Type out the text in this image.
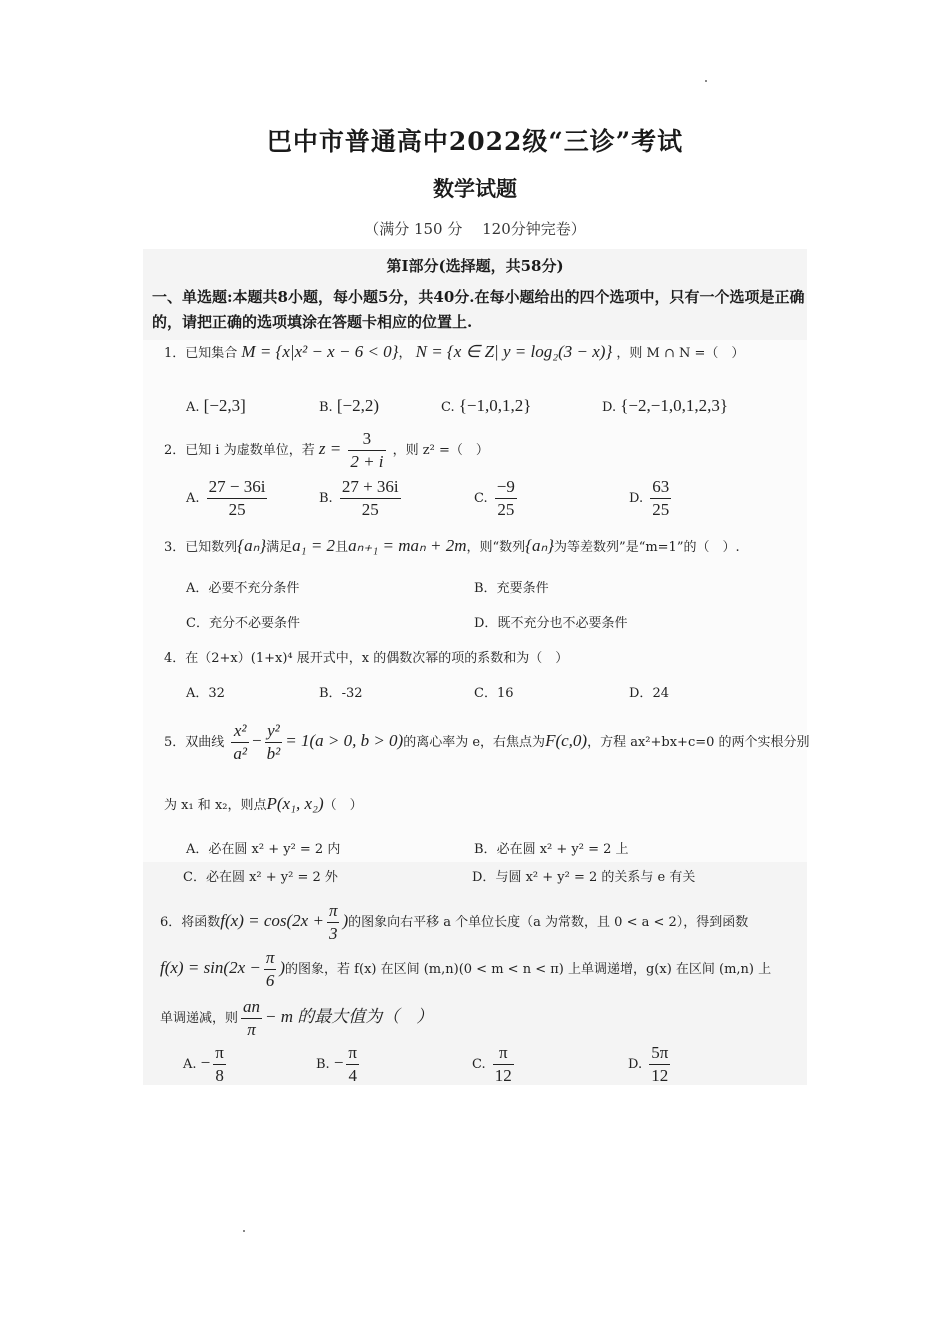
巴中市普通高中2022级“三诊”考试
数学试题
（满分 150 分　 120分钟完卷）
第Ⅰ部分(选择题，共58分)
一、单选题:本题共8小题，每小题5分，共40分.在每小题给出的四个选项中，只有一个选项是正确的，请把正确的选项填涂在答题卡相应的位置上.
1．已知集合 M = {x|x² − x − 6 < 0}， N = {x ∈ Z| y = log₂(3 − x)} ，则 M ∩ N =（　）
A. [−2,3]	B. [−2,2)	C. {−1,0,1,2}	D. {−2,−1,0,1,2,3}
2．已知 i 为虚数单位，若 $z = \frac{3}{2 + i}$ ，则 z² =（　）
A. $\frac{27 - 36i}{25}$	B. $\frac{27 + 36i}{25}$	C. $\frac{-9}{25}$	D. $\frac{63}{25}$
3．已知数列{aₙ}满足a₁ = 2且aₙ₊₁ = maₙ + 2m，则“数列{aₙ}为等差数列”是“m=1”的（　）.
A．必要不充分条件	B．充要条件
C．充分不必要条件	D．既不充分也不必要条件
4．在（2+x）(1+x)⁴ 展开式中，x 的偶数次幂的项的系数和为（　）
A．32	B．-32	C．16	D．24
5．双曲线 $\frac{\text{x²}}{\text{a²}} - \frac{\text{y²}}{\text{b²}} = 1(a > 0$, b > 0)的离心率为 e，右焦点为F(c,0)，方程 ax²+bx+c=0 的两个实根分别
为 x₁ 和 x₂，则点P(x₁, x₂)（　）
A．必在圆 x² + y² = 2 内	B．必在圆 x² + y² = 2 上
C．必在圆 x² + y² = 2 外	D．与圆 x² + y² = 2 的关系与 e 有关
6．将函数$f(x) = \cos(2x + \frac{\pi}{3}$ )的图象向右平移 a 个单位长度（a 为常数，且 0 < a < 2），得到函数
$f(x) = \sin(2x - \frac{\pi}{6}$ )的图象，若 f(x) 在区间 (m,n)(0 < m < n < π) 上单调递增，g(x) 在区间 (m,n) 上
单调递减，则 $\frac{an}{\pi} - m$ 的最大值为（　）
A. − $\frac{\pi}{8}$	B. − $\frac{\pi}{4}$	C. $\frac{\pi}{12}$	D. $\frac{5\pi}{12}$
